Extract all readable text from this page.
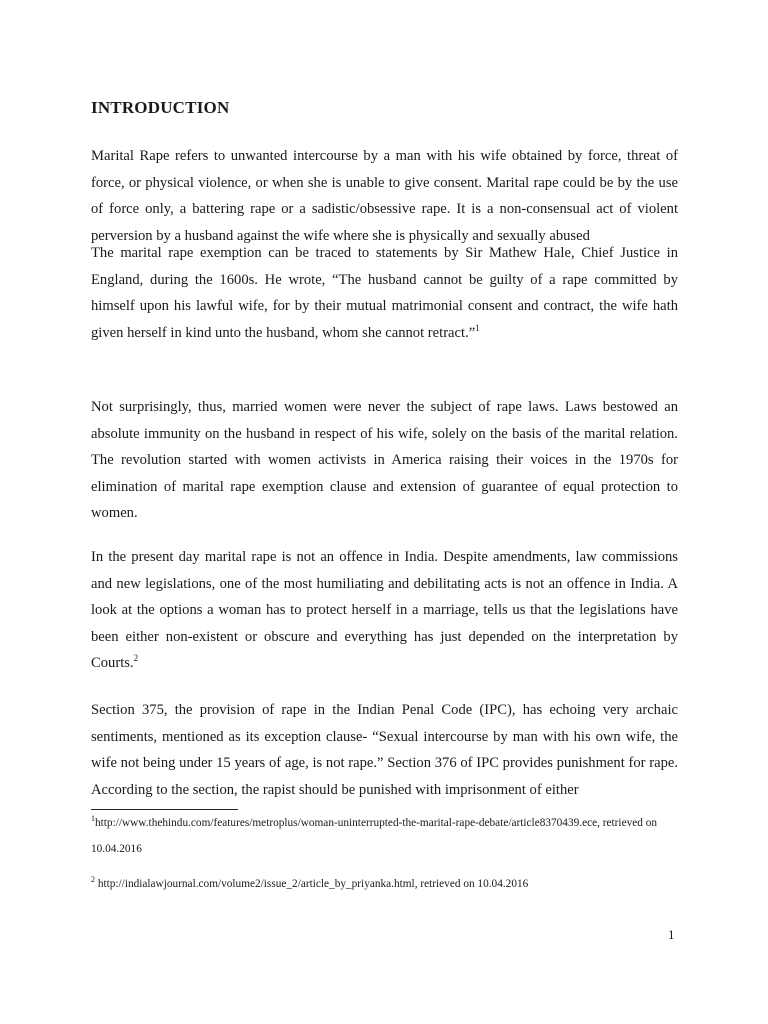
INTRODUCTION

Marital Rape refers to unwanted intercourse by a man with his wife obtained by force, threat of force, or physical violence, or when she is unable to give consent. Marital rape could be by the use of force only, a battering rape or a sadistic/obsessive rape. It is a non-consensual act of violent perversion by a husband against the wife where she is physically and sexually abused

The marital rape exemption can be traced to statements by Sir Mathew Hale, Chief Justice in England, during the 1600s. He wrote, “The husband cannot be guilty of a rape committed by himself upon his lawful wife, for by their mutual matrimonial consent and contract, the wife hath given herself in kind unto the husband, whom she cannot retract.”$^1$

Not surprisingly, thus, married women were never the subject of rape laws. Laws bestowed an absolute immunity on the husband in respect of his wife, solely on the basis of the marital relation. The revolution started with women activists in America raising their voices in the 1970s for elimination of marital rape exemption clause and extension of guarantee of equal protection to women.

In the present day marital rape is not an offence in India. Despite amendments, law commissions and new legislations, one of the most humiliating and debilitating acts is not an offence in India. A look at the options a woman has to protect herself in a marriage, tells us that the legislations have been either non-existent or obscure and everything has just depended on the interpretation by Courts.$^2$

Section 375, the provision of rape in the Indian Penal Code (IPC), has echoing very archaic sentiments, mentioned as its exception clause- “Sexual intercourse by man with his own wife, the wife not being under 15 years of age, is not rape.” Section 376 of IPC provides punishment for rape. According to the section, the rapist should be punished with imprisonment of either

$^1$http://www.thehindu.com/features/metroplus/woman-uninterrupted-the-marital-rape-debate/article8370439.ece, retrieved on 10.04.2016

$^2$ http://indialawjournal.com/volume2/issue_2/article_by_priyanka.html, retrieved on 10.04.2016

1
